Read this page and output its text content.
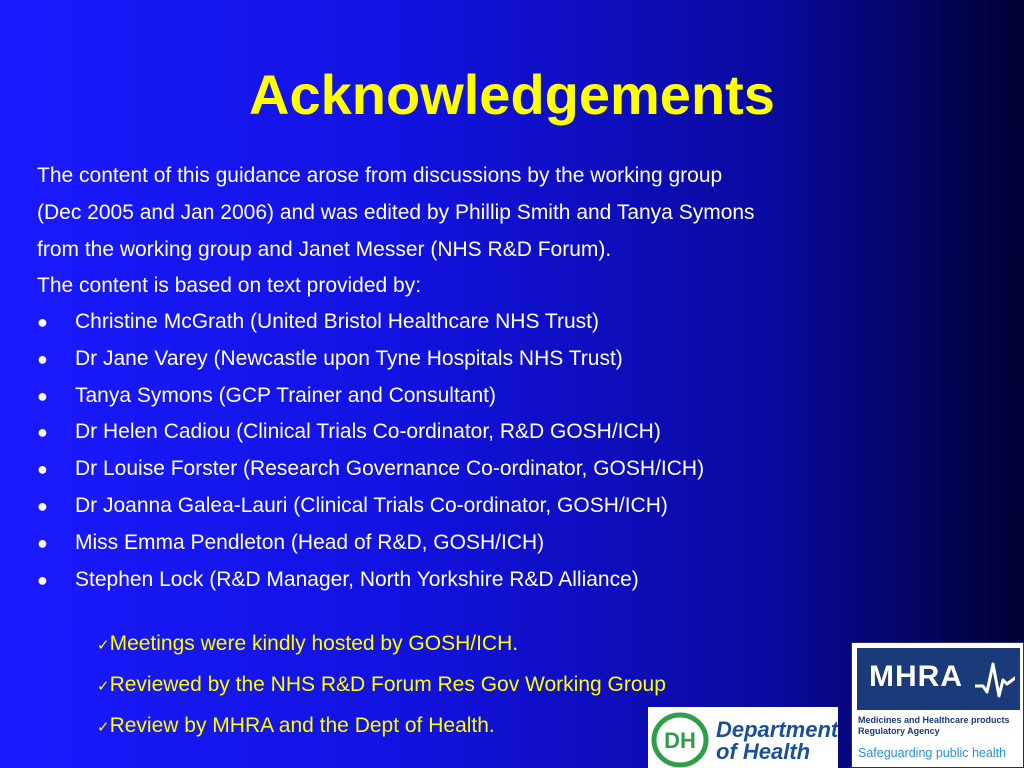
Acknowledgements
The content of this guidance arose from discussions by the working group
(Dec 2005 and Jan 2006) and was edited by Phillip Smith and Tanya Symons
from the working group and Janet Messer (NHS R&D Forum).
The content is based on text provided by:
● Christine McGrath (United Bristol Healthcare NHS Trust)
● Dr Jane Varey (Newcastle upon Tyne Hospitals NHS Trust)
● Tanya Symons (GCP Trainer and Consultant)
● Dr Helen Cadiou (Clinical Trials Co-ordinator, R&D GOSH/ICH)
● Dr Louise Forster (Research Governance Co-ordinator, GOSH/ICH)
● Dr Joanna Galea-Lauri (Clinical Trials Co-ordinator, GOSH/ICH)
● Miss Emma Pendleton (Head of R&D, GOSH/ICH)
● Stephen Lock (R&D Manager, North Yorkshire R&D Alliance)
✓Meetings were kindly hosted by GOSH/ICH.
✓Reviewed by the NHS R&D Forum Res Gov Working Group
✓Review by MHRA and the Dept of Health.
DH Department
of Health
MHRA
Medicines and Healthcare products
Regulatory Agency
Safeguarding public health
